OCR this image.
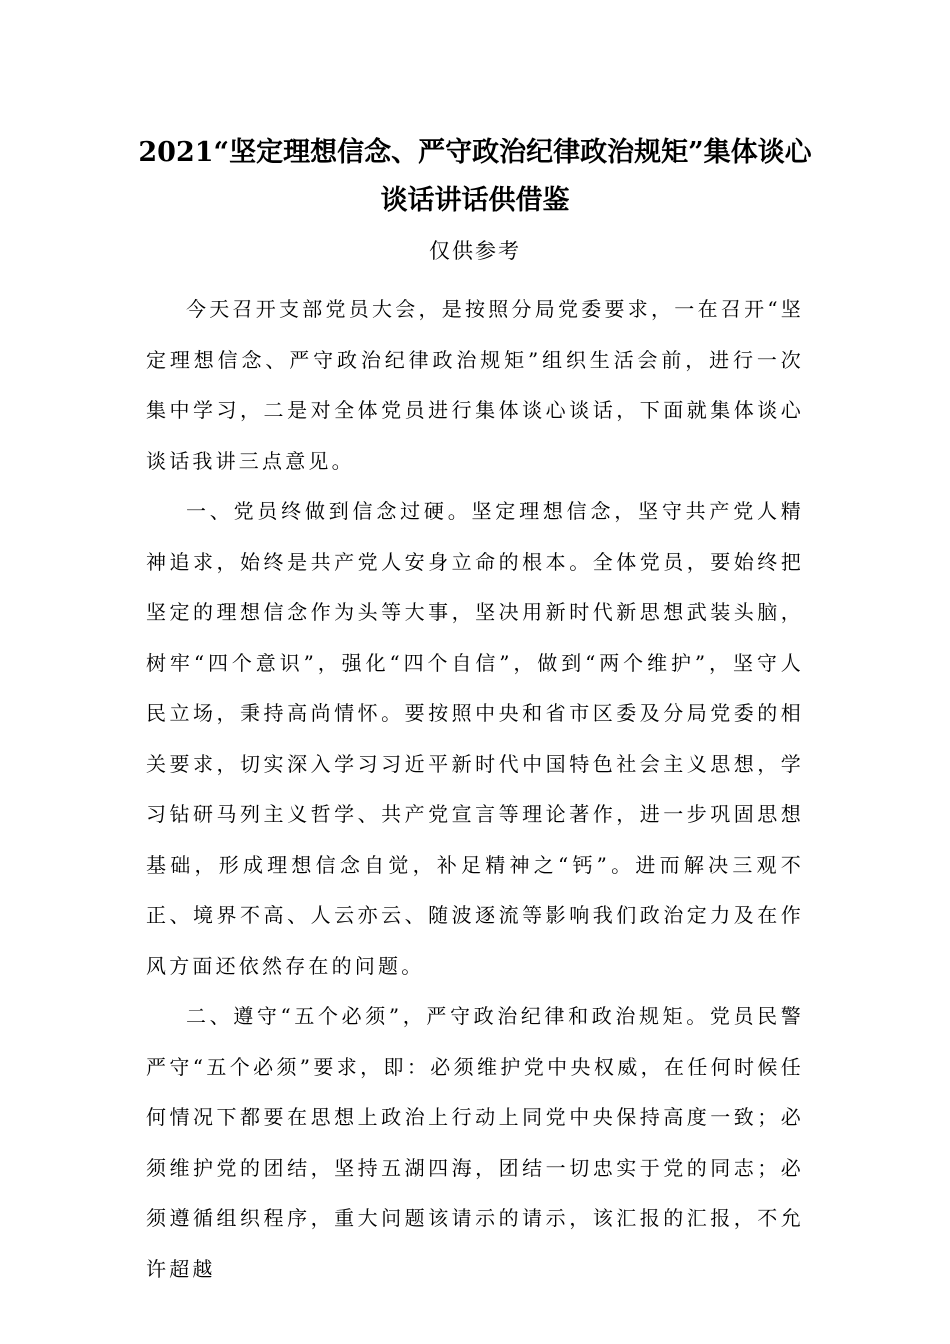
2021“坚定理想信念、严守政治纪律政治规矩”集体谈心
谈话讲话供借鉴
仅供参考

今天召开支部党员大会，是按照分局党委要求，一在召开“坚定理想信念、严守政治纪律政治规矩”组织生活会前，进行一次集中学习，二是对全体党员进行集体谈心谈话，下面就集体谈心谈话我讲三点意见。

一、党员终做到信念过硬。坚定理想信念，坚守共产党人精神追求，始终是共产党人安身立命的根本。全体党员，要始终把坚定的理想信念作为头等大事，坚决用新时代新思想武装头脑，树牢“四个意识”，强化“四个自信”，做到“两个维护”，坚守人民立场，秉持高尚情怀。要按照中央和省市区委及分局党委的相关要求，切实深入学习习近平新时代中国特色社会主义思想，学习钻研马列主义哲学、共产党宣言等理论著作，进一步巩固思想基础，形成理想信念自觉，补足精神之“钙”。进而解决三观不正、境界不高、人云亦云、随波逐流等影响我们政治定力及在作风方面还依然存在的问题。

二、遵守“五个必须”，严守政治纪律和政治规矩。党员民警严守“五个必须”要求，即：必须维护党中央权威，在任何时候任何情况下都要在思想上政治上行动上同党中央保持高度一致；必须维护党的团结，坚持五湖四海，团结一切忠实于党的同志；必须遵循组织程序，重大问题该请示的请示，该汇报的汇报，不允许超越
